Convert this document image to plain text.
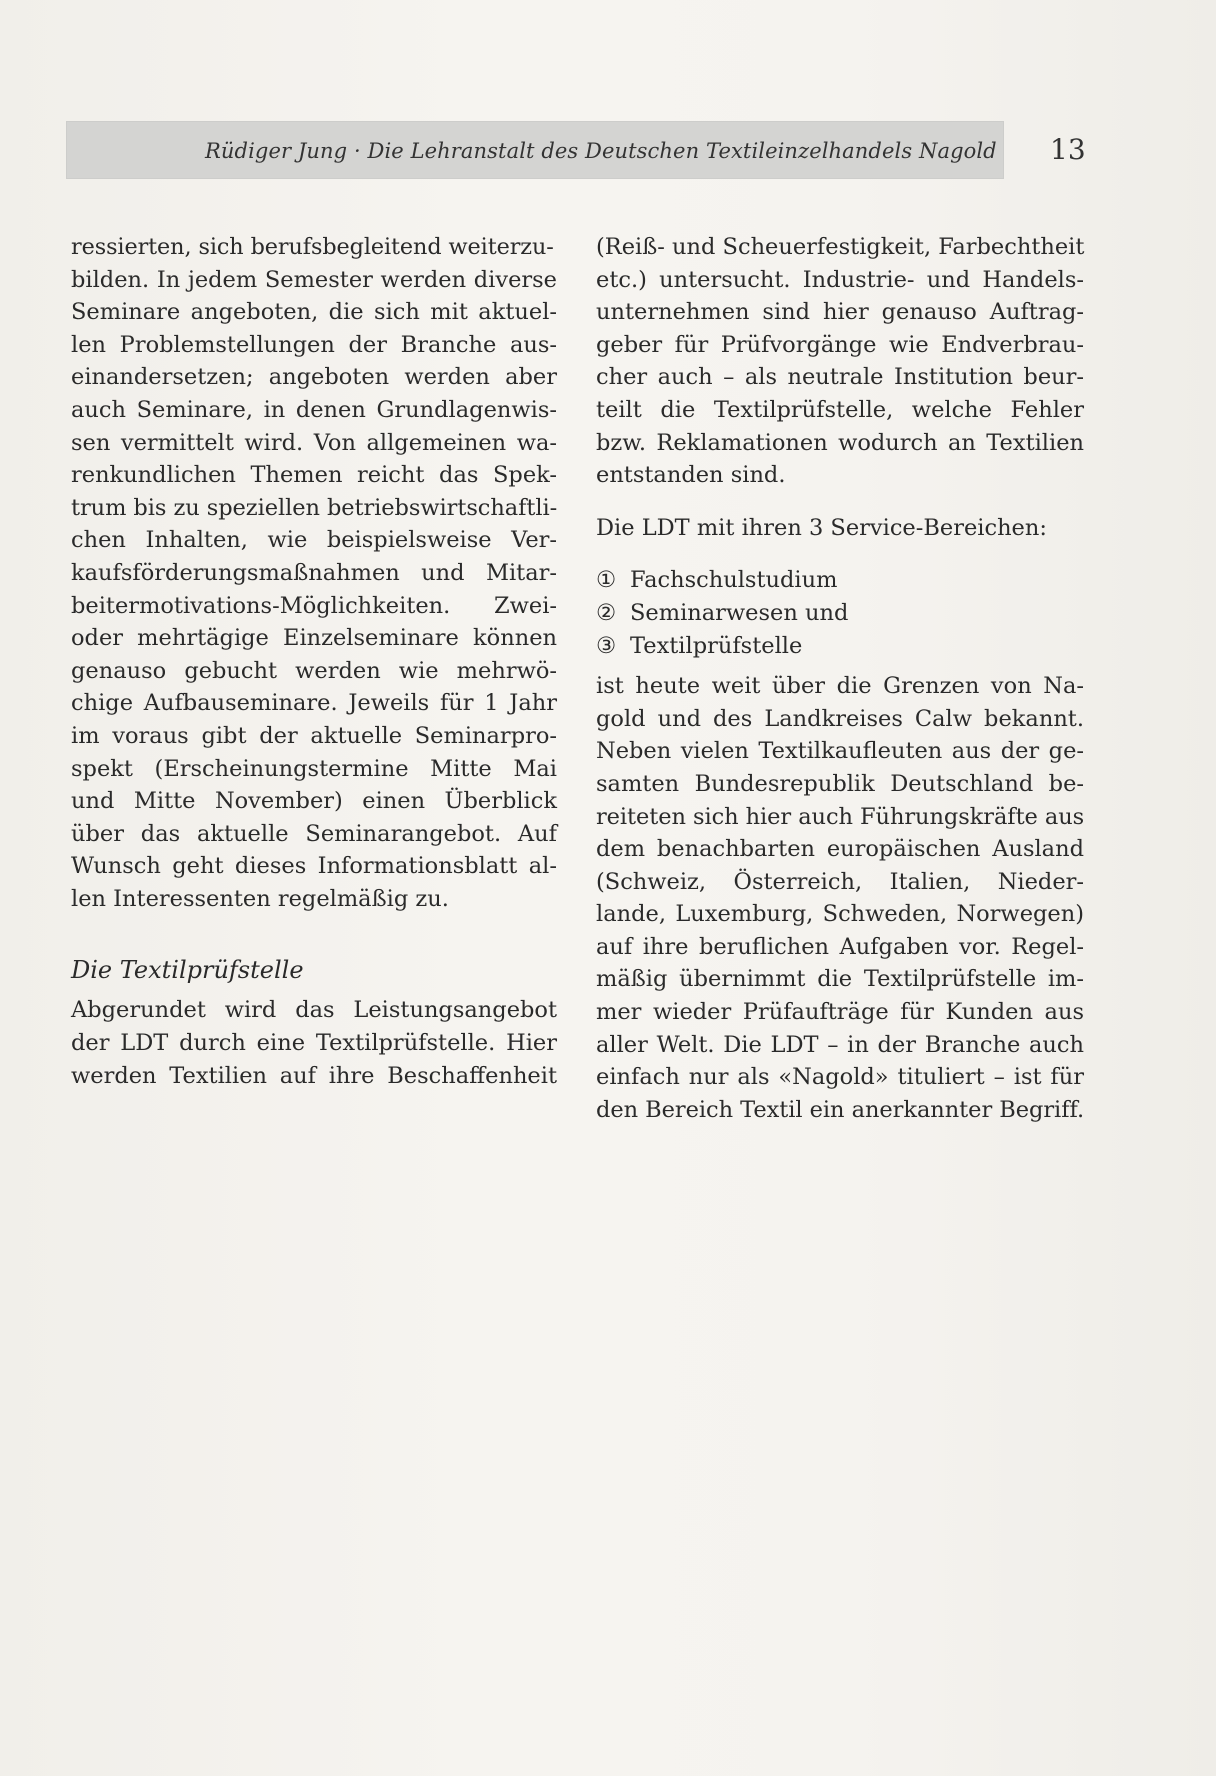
Rüdiger Jung · Die Lehranstalt des Deutschen Textileinzelhandels Nagold 13
ressierten, sich berufsbegleitend weiterzu-
bilden. In jedem Semester werden diverse
Seminare angeboten, die sich mit aktuel-
len Problemstellungen der Branche aus-
einandersetzen; angeboten werden aber
auch Seminare, in denen Grundlagenwis-
sen vermittelt wird. Von allgemeinen wa-
renkundlichen Themen reicht das Spek-
trum bis zu speziellen betriebswirtschaftli-
chen Inhalten, wie beispielsweise Ver-
kaufsförderungsmaßnahmen und Mitar-
beitermotivations-Möglichkeiten. Zwei-
oder mehrtägige Einzelseminare können
genauso gebucht werden wie mehrwö-
chige Aufbauseminare. Jeweils für 1 Jahr
im voraus gibt der aktuelle Seminarpro-
spekt (Erscheinungstermine Mitte Mai
und Mitte November) einen Überblick
über das aktuelle Seminarangebot. Auf
Wunsch geht dieses Informationsblatt al-
len Interessenten regelmäßig zu.
Die Textilprüfstelle
Abgerundet wird das Leistungsangebot
der LDT durch eine Textilprüfstelle. Hier
werden Textilien auf ihre Beschaffenheit
(Reiß- und Scheuerfestigkeit, Farbechtheit
etc.) untersucht. Industrie- und Handels-
unternehmen sind hier genauso Auftrag-
geber für Prüfvorgänge wie Endverbrau-
cher auch – als neutrale Institution beur-
teilt die Textilprüfstelle, welche Fehler
bzw. Reklamationen wodurch an Textilien
entstanden sind.
Die LDT mit ihren 3 Service-Bereichen:
① Fachschulstudium
② Seminarwesen und
③ Textilprüfstelle
ist heute weit über die Grenzen von Na-
gold und des Landkreises Calw bekannt.
Neben vielen Textilkaufleuten aus der ge-
samten Bundesrepublik Deutschland be-
reiteten sich hier auch Führungskräfte aus
dem benachbarten europäischen Ausland
(Schweiz, Österreich, Italien, Nieder-
lande, Luxemburg, Schweden, Norwegen)
auf ihre beruflichen Aufgaben vor. Regel-
mäßig übernimmt die Textilprüfstelle im-
mer wieder Prüfaufträge für Kunden aus
aller Welt. Die LDT – in der Branche auch
einfach nur als «Nagold» tituliert – ist für
den Bereich Textil ein anerkannter Begriff.
